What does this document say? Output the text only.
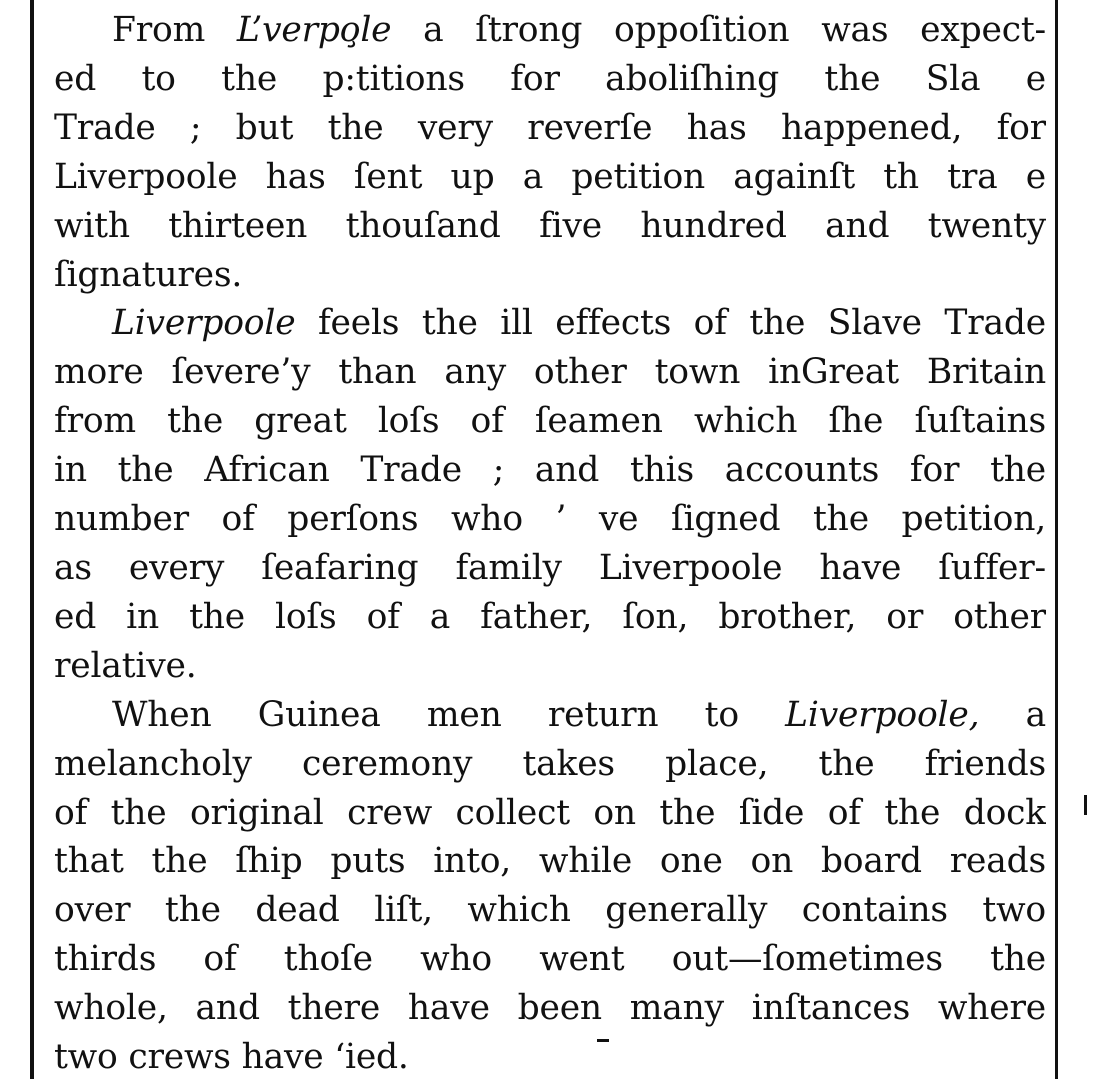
From L’verpo̧le a ſtrong oppoſition was expect-
ed to the p:titions for aboliſhing the Sla e
Trade ; but the very reverſe has happened, for
Liverpoole has ſent up a petition againſt th tra e
with thirteen thouſand five hundred and twenty
ſignatures.

Liverpoole feels the ill effects of the Slave Trade
more ſevere’y than any other town inGreat Britain
from the great loſs of ſeamen which ſhe ſuſtains
in the African Trade ; and this accounts for the
number of perſons who ’ ve ſigned the petition,
as every ſeafaring family Liverpoole have ſuffer-
ed in the loſs of a father, ſon, brother, or other
relative.

When Guinea men return to Liverpoole, a
melancholy ceremony takes place, the friends
of the original crew collect on the ſide of the dock
that the ſhip puts into, while one on board reads
over the dead liſt, which generally contains two
thirds of thoſe who went out—ſometimes the
whole, and there have been many inſtances where
two crews have ‘ied.
